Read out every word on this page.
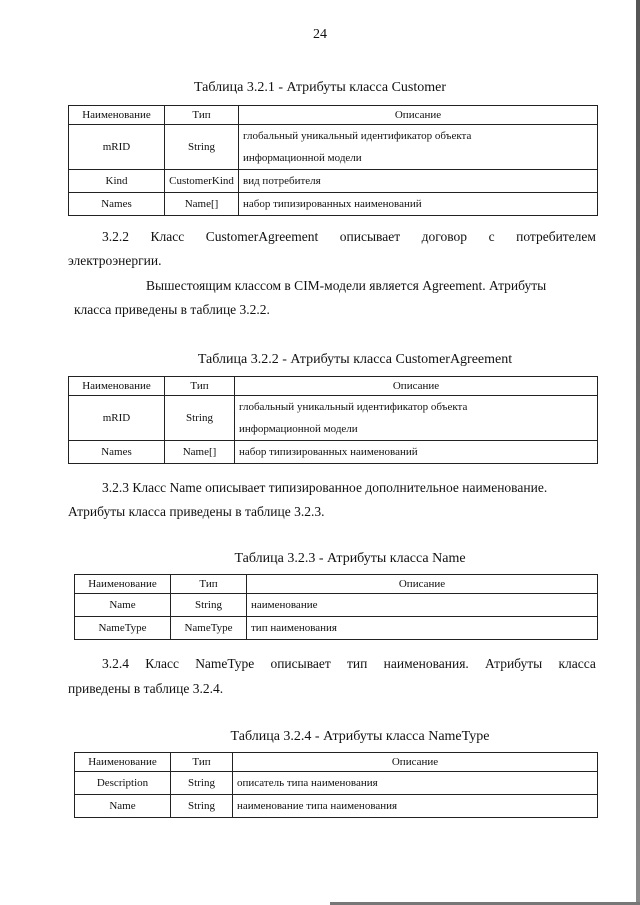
24
Таблица 3.2.1 - Атрибуты класса Customer
Наименование	Тип	Описание
mRID	String	глобальный уникальный идентификатор объекта
информационной модели

Kind	CustomerKind	вид потребителя
Names	Name[]	набор типизированных наименований
3.2.2 Класс CustomerAgreement описывает договор с потребителем
электроэнергии.
Вышестоящим классом в CIM-модели является Agreement. Атрибуты
класса приведены в таблице 3.2.2.
Таблица 3.2.2 - Атрибуты класса CustomerAgreement
Наименование	Тип	Описание
mRID	String	глобальный уникальный идентификатор объекта
информационной модели

Names	Name[]	набор типизированных наименований
3.2.3 Класс Name описывает типизированное дополнительное наименование.
Атрибуты класса приведены в таблице 3.2.3.
Таблица 3.2.3 - Атрибуты класса Name
Наименование	Тип	Описание
Name	String	наименование
NameType	NameType	тип наименования
3.2.4 Класс NameType описывает тип наименования. Атрибуты класса
приведены в таблице 3.2.4.
Таблица 3.2.4 - Атрибуты класса NameType
Наименование	Тип	Описание
Description	String	описатель типа наименования
Name	String	наименование типа наименования
